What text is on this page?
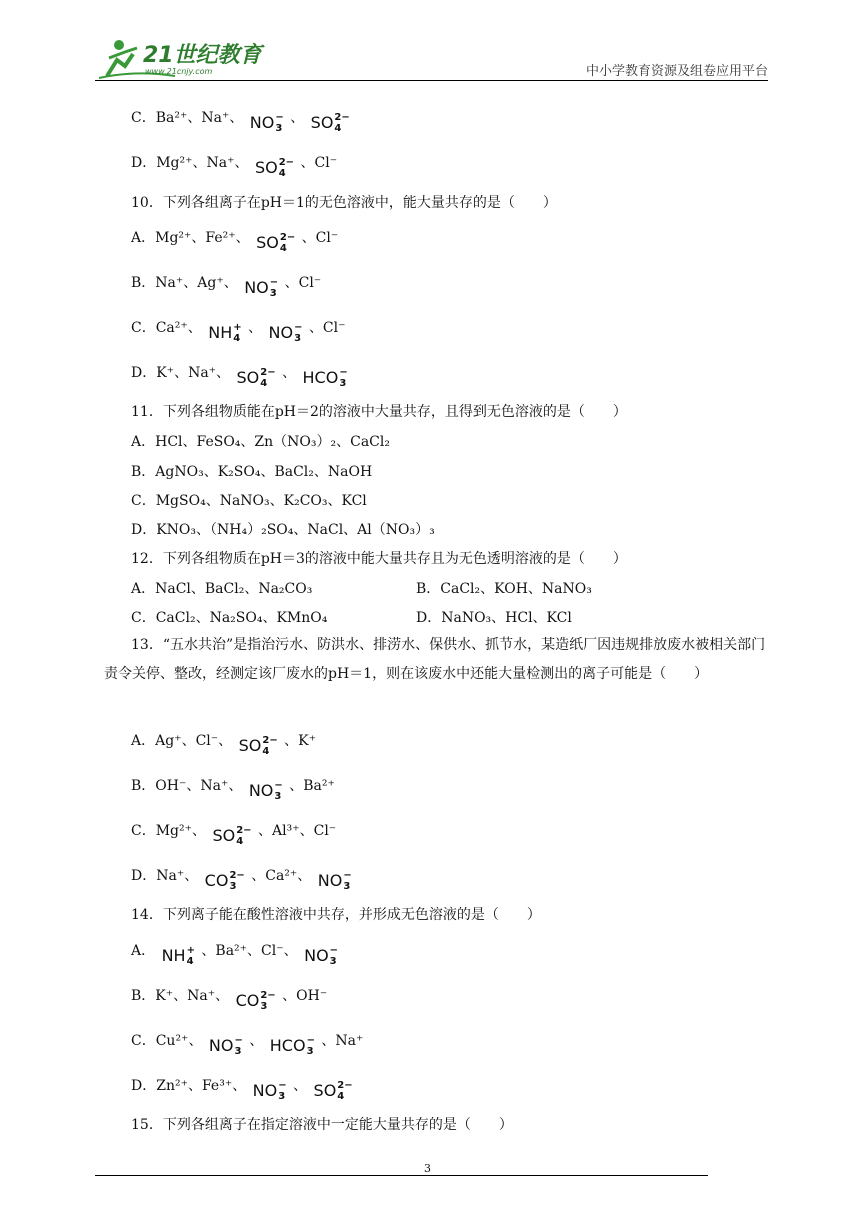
21世纪教育
www.21cnjy.com	中小学教育资源及组卷应用平台
C．Ba²⁺、Na⁺、 NO −
3
、 SO 2−
4
D．Mg²⁺、Na⁺、 SO 2−
4
、Cl⁻
10．下列各组离子在pH＝1的无色溶液中，能大量共存的是（　　）
A．Mg²⁺、Fe²⁺、 SO 2−
4
、Cl⁻
B．Na⁺、Ag⁺、 NO −
3
、Cl⁻
C．Ca²⁺、 NH +
4
、 NO −
3
、Cl⁻
D．K⁺、Na⁺、 SO 2−
4
、 HCO −
3
11．下列各组物质能在pH＝2的溶液中大量共存，且得到无色溶液的是（　　）
A．HCl、FeSO₄、Zn（NO₃）₂、CaCl₂
B．AgNO₃、K₂SO₄、BaCl₂、NaOH
C．MgSO₄、NaNO₃、K₂CO₃、KCl
D．KNO₃、（NH₄）₂SO₄、NaCl、Al（NO₃）₃
12．下列各组物质在pH＝3的溶液中能大量共存且为无色透明溶液的是（　　）
A．NaCl、BaCl₂、Na₂CO₃	B．CaCl₂、KOH、NaNO₃
C．CaCl₂、Na₂SO₄、KMnO₄	D．NaNO₃、HCl、KCl
13．“五水共治”是指治污水、防洪水、排涝水、保供水、抓节水，某造纸厂因违规排放废水被相关部门责令关停、整改，经测定该厂废水的pH＝1，则在该废水中还能大量检测出的离子可能是（　　）
A．Ag⁺、Cl⁻、 SO 2−
4
、K⁺
B．OH⁻、Na⁺、 NO −
3
、Ba²⁺
C．Mg²⁺、 SO 2−
4
、Al³⁺、Cl⁻
D．Na⁺、 CO 2−
3
、Ca²⁺、 NO −
3
14．下列离子能在酸性溶液中共存，并形成无色溶液的是（　　）
A． NH +
4
、Ba²⁺、Cl⁻、 NO −
3
B．K⁺、Na⁺、 CO 2−
3
、OH⁻
C．Cu²⁺、 NO −
3
、 HCO −
3
、Na⁺
D．Zn²⁺、Fe³⁺、 NO −
3
、 SO 2−
4
15．下列各组离子在指定溶液中一定能大量共存的是（　　）
3
